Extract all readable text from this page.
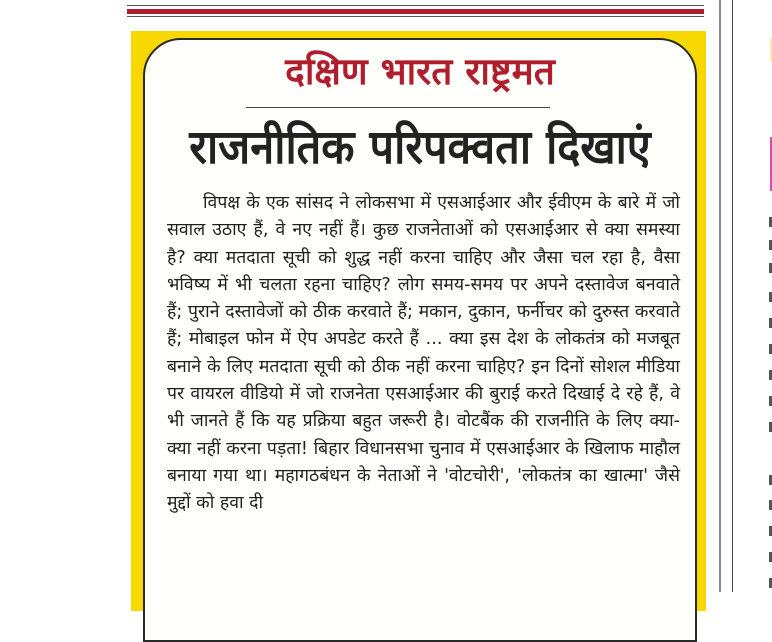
दक्षिण भारत राष्ट्रमत
राजनीतिक परिपक्वता दिखाएं
विपक्ष के एक सांसद ने लोकसभा में एसआईआर और ईवीएम के बारे में जो सवाल उठाए हैं, वे नए नहीं हैं। कुछ राजनेताओं को एसआईआर से क्या समस्या है? क्या मतदाता सूची को शुद्ध नहीं करना चाहिए और जैसा चल रहा है, वैसा भविष्य में भी चलता रहना चाहिए? लोग समय-समय पर अपने दस्तावेज बनवाते हैं; पुराने दस्तावेजों को ठीक करवाते हैं; मकान, दुकान, फर्नीचर को दुरुस्त करवाते हैं; मोबाइल फोन में ऐप अपडेट करते हैं ... क्या इस देश के लोकतंत्र को मजबूत बनाने के लिए मतदाता सूची को ठीक नहीं करना चाहिए? इन दिनों सोशल मीडिया पर वायरल वीडियो में जो राजनेता एसआईआर की बुराई करते दिखाई दे रहे हैं, वे भी जानते हैं कि यह प्रक्रिया बहुत जरूरी है। वोटबैंक की राजनीति के लिए क्या-क्या नहीं करना पड़ता! बिहार विधानसभा चुनाव में एसआईआर के खिलाफ माहौल बनाया गया था। महागठबंधन के नेताओं ने 'वोटचोरी', 'लोकतंत्र का खात्मा' जैसे मुद्दों को हवा दी
